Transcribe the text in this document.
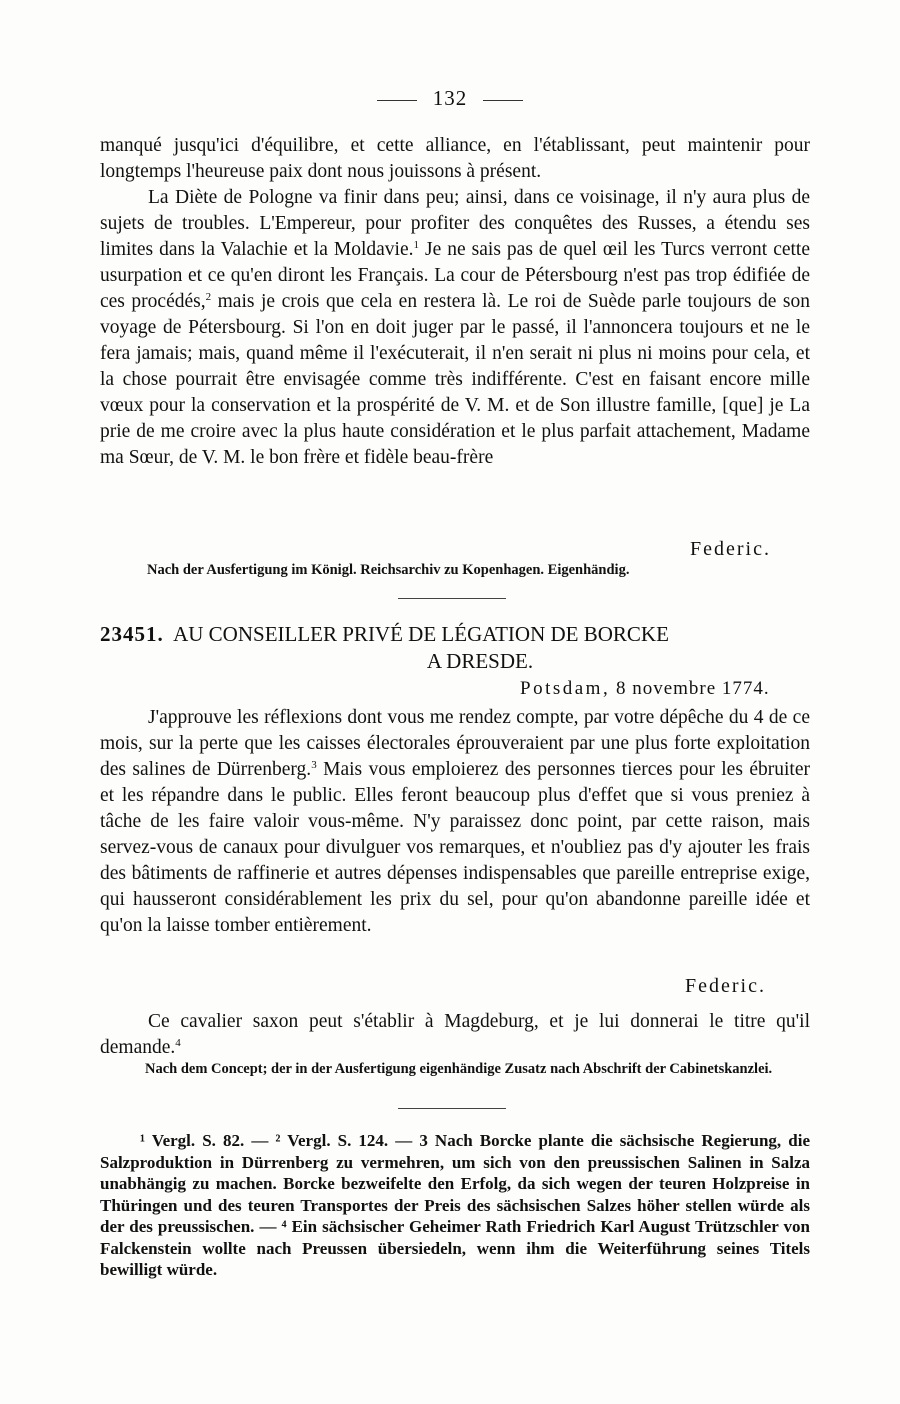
132

manqué jusqu'ici d'équilibre, et cette alliance, en l'établissant, peut maintenir pour longtemps l'heureuse paix dont nous jouissons à présent.

La Diète de Pologne va finir dans peu; ainsi, dans ce voisinage, il n'y aura plus de sujets de troubles. L'Empereur, pour profiter des conquêtes des Russes, a étendu ses limites dans la Valachie et la Moldavie.$^1$ Je ne sais pas de quel œil les Turcs verront cette usurpation et ce qu'en diront les Français. La cour de Pétersbourg n'est pas trop édifiée de ces procédés,$^2$ mais je crois que cela en restera là. Le roi de Suède parle toujours de son voyage de Pétersbourg. Si l'on en doit juger par le passé, il l'annoncera toujours et ne le fera jamais; mais, quand même il l'exécuterait, il n'en serait ni plus ni moins pour cela, et la chose pourrait être envisagée comme très indifférente. C'est en faisant encore mille vœux pour la conservation et la prospérité de V. M. et de Son illustre famille, [que] je La prie de me croire avec la plus haute considération et le plus parfait attachement, Madame ma Sœur, de V. M. le bon frère et fidèle beau-frère

Federic.
Nach der Ausfertigung im Königl. Reichsarchiv zu Kopenhagen. Eigenhändig.
23451. AU CONSEILLER PRIVÉ DE LÉGATION DE BORCKE
A DRESDE.
Potsdam, 8 novembre 1774.

J'approuve les réflexions dont vous me rendez compte, par votre dépêche du 4 de ce mois, sur la perte que les caisses électorales éprouveraient par une plus forte exploitation des salines de Dürrenberg.$^3$ Mais vous emploierez des personnes tierces pour les ébruiter et les répandre dans le public. Elles feront beaucoup plus d'effet que si vous preniez à tâche de les faire valoir vous-même. N'y paraissez donc point, par cette raison, mais servez-vous de canaux pour divulguer vos remarques, et n'oubliez pas d'y ajouter les frais des bâtiments de raffinerie et autres dépenses indispensables que pareille entreprise exige, qui hausseront considérablement les prix du sel, pour qu'on abandonne pareille idée et qu'on la laisse tomber entièrement.

Federic.

Ce cavalier saxon peut s'établir à Magdeburg, et je lui donnerai le titre qu'il demande.$^4$

Nach dem Concept; der in der Ausfertigung eigenhändige Zusatz nach Abschrift der Cabinetskanzlei.

¹ Vergl. S. 82. — ² Vergl. S. 124. — 3 Nach Borcke plante die sächsische Regierung, die Salzproduktion in Dürrenberg zu vermehren, um sich von den preussischen Salinen in Salza unabhängig zu machen. Borcke bezweifelte den Erfolg, da sich wegen der teuren Holzpreise in Thüringen und des teuren Transportes der Preis des sächsischen Salzes höher stellen würde als der des preussischen. — ⁴ Ein sächsischer Geheimer Rath Friedrich Karl August Trützschler von Falckenstein wollte nach Preussen übersiedeln, wenn ihm die Weiterführung seines Titels bewilligt würde.
